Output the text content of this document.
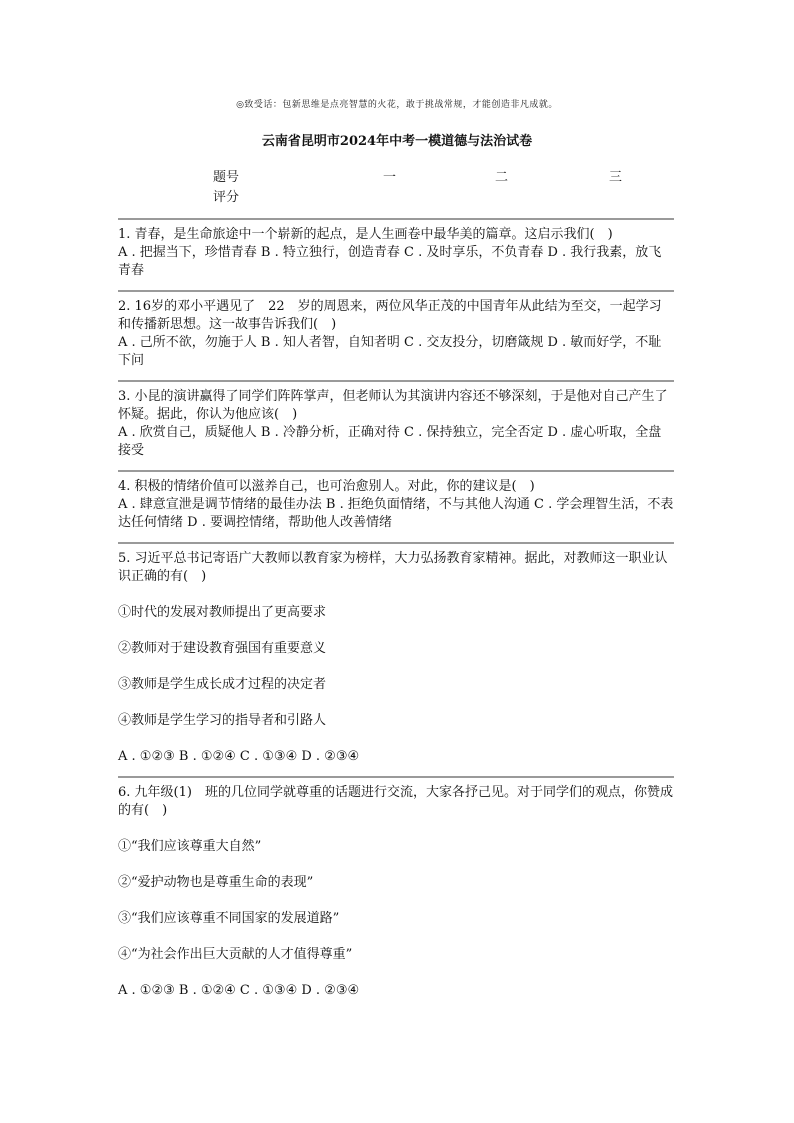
◎致受话：包新思维是点亮智慧的火花，敢于挑战常规，才能创造非凡成就。
云南省昆明市2024年中考一模道德与法治试卷
题号	一	二	三
评分

1. 青春，是生命旅途中一个崭新的起点，是人生画卷中最华美的篇章。这启示我们(　)

A . 把握当下，珍惜青春 B . 特立独行，创造青春 C . 及时享乐，不负青春 D . 我行我素，放飞青春

2. 16岁的邓小平遇见了　22　岁的周恩来，两位风华正茂的中国青年从此结为至交，一起学习和传播新思想。这一故事告诉我们(　)

A . 己所不欲，勿施于人 B . 知人者智，自知者明 C . 交友投分，切磨箴规 D . 敏而好学，不耻下问

3. 小昆的演讲赢得了同学们阵阵掌声，但老师认为其演讲内容还不够深刻，于是他对自己产生了怀疑。据此，你认为他应该(　)

A . 欣赏自己，质疑他人 B . 冷静分析，正确对待 C . 保持独立，完全否定 D . 虚心听取，全盘接受

4. 积极的情绪价值可以滋养自己，也可治愈别人。对此，你的建议是(　)

A . 肆意宣泄是调节情绪的最佳办法 B . 拒绝负面情绪，不与其他人沟通 C . 学会理智生活，不表达任何情绪 D . 要调控情绪，帮助他人改善情绪

5. 习近平总书记寄语广大教师以教育家为榜样，大力弘扬教育家精神。据此，对教师这一职业认识正确的有(　)

①时代的发展对教师提出了更高要求

②教师对于建设教育强国有重要意义

③教师是学生成长成才过程的决定者

④教师是学生学习的指导者和引路人

A . ①②③ B . ①②④ C . ①③④ D . ②③④

6. 九年级(1)　班的几位同学就尊重的话题进行交流，大家各抒己见。对于同学们的观点，你赞成的有(　)

①“我们应该尊重大自然”

②“爱护动物也是尊重生命的表现”

③“我们应该尊重不同国家的发展道路”

④“为社会作出巨大贡献的人才值得尊重”

A . ①②③ B . ①②④ C . ①③④ D . ②③④
